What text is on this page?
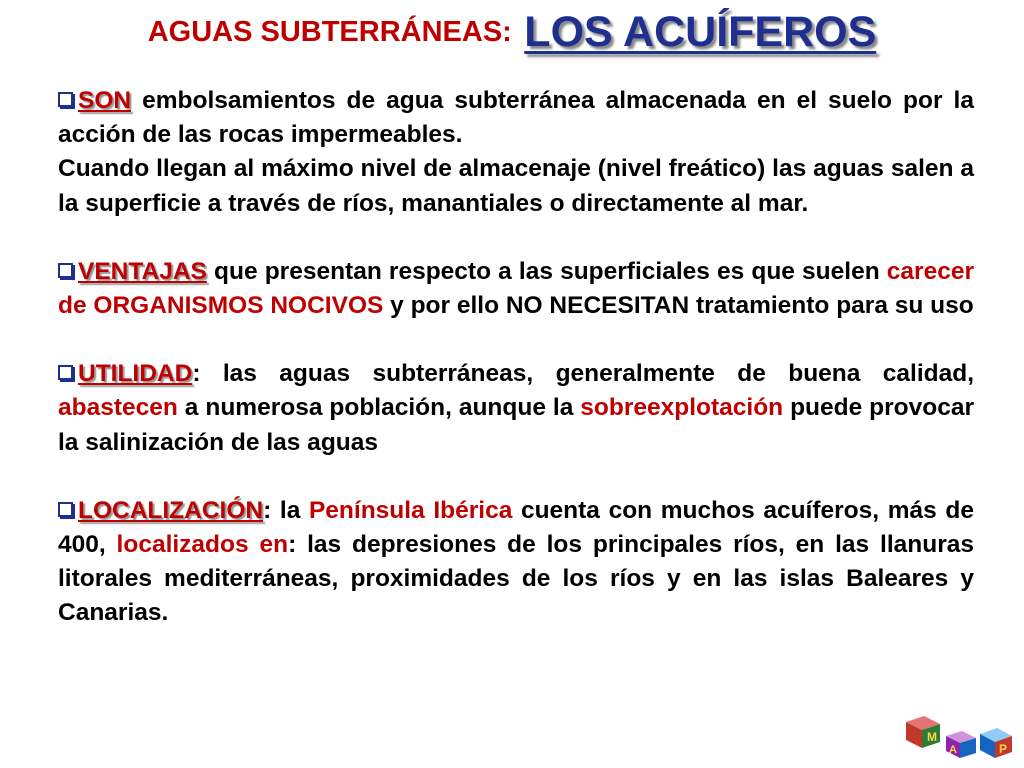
AGUAS SUBTERRÁNEAS: LOS ACUÍFEROS

SON embolsamientos de agua subterránea almacenada en el suelo por la acción de las rocas impermeables.

Cuando llegan al máximo nivel de almacenaje (nivel freático) las aguas salen a la superficie a través de ríos, manantiales o directamente al mar.

VENTAJAS que presentan respecto a las superficiales es que suelen carecer de ORGANISMOS NOCIVOS y por ello NO NECESITAN tratamiento para su uso

UTILIDAD: las aguas subterráneas, generalmente de buena calidad, abastecen a numerosa población, aunque la sobreexplotación puede provocar la salinización de las aguas

LOCALIZACIÓN: la Península Ibérica cuenta con muchos acuíferos, más de 400, localizados en: las depresiones de los principales ríos, en las llanuras litorales mediterráneas, proximidades de los ríos y en las islas Baleares y Canarias.

M
A	P
